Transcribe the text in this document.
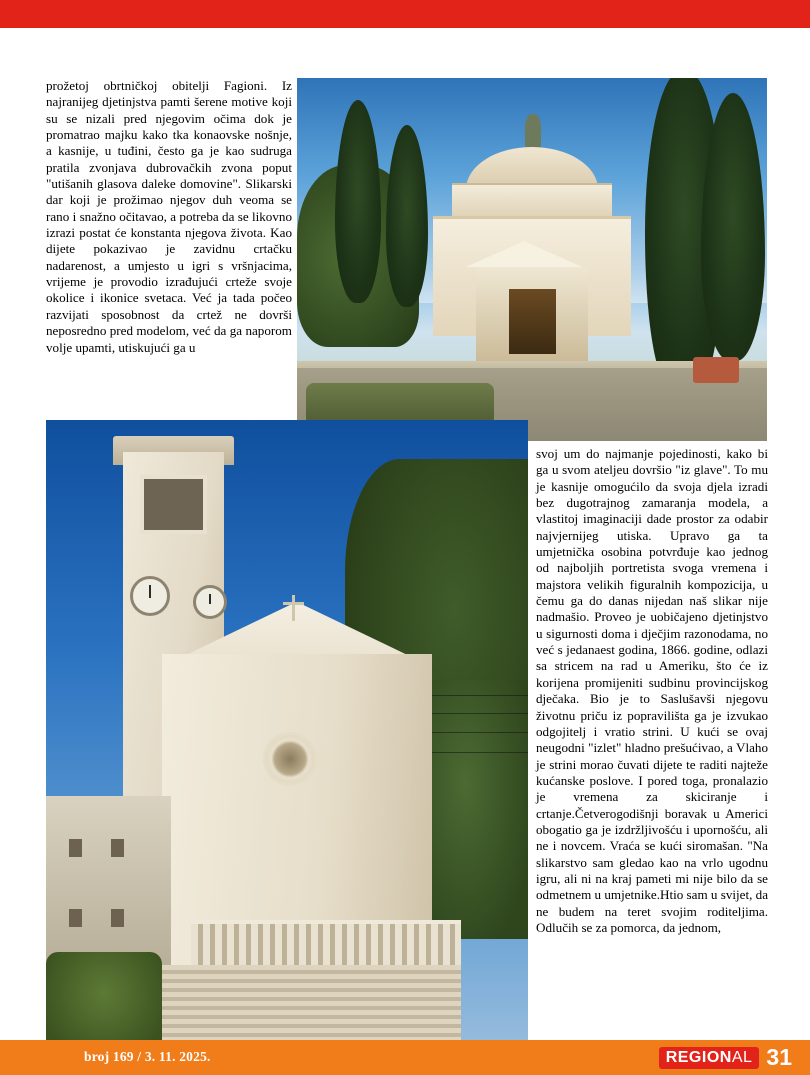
prožetoj obrtničkoj obitelji Fagioni. Iz najranijeg djetinjstva pamti šerene motive koji su se nizali pred njegovim očima dok je promatrao majku kako tka konaovske nošnje, a kasnije, u tuđini, često ga je kao sudruga pratila zvonjava dubrovačkih zvona poput "utišanih glasova daleke domovine". Slikarski dar koji je prožimao njegov duh veoma se rano i snažno očitavao, a potreba da se likovno izrazi postat će konstanta njegova života. Kao dijete pokazivao je zavidnu crtačku nadarenost, a umjesto u igri s vršnjacima, vrijeme je provodio izrađujući crteže svoje okolice i ikonice svetaca. Već ja tada počeo razvijati sposobnost da crtež ne dovrši neposredno pred modelom, već da ga naporom volje upamti, utiskujući ga u
svoj um do najmanje pojedinosti, kako bi ga u svom ateljeu dovršio "iz glave". To mu je kasnije omogućilo da svoja djela izradi bez dugotrajnog zamaranja modela, a vlastitoj imaginaciji dade prostor za odabir najvjernijeg utiska. Upravo ga ta umjetnička osobina potvrđuje kao jednog od najboljih portretista svoga vremena i majstora velikih figuralnih kompozicija, u čemu ga do danas nijedan naš slikar nije nadmašio. Proveo je uobičajeno djetinjstvo u sigurnosti doma i dječjim razonodama, no već s jedanaest godina, 1866. godine, odlazi sa stricem na rad u Ameriku, što će iz korijena promijeniti sudbinu provincijskog dječaka. Bio je to Saslušavši njegovu životnu priču iz popravilišta ga je izvukao odgojitelj i vratio strini. U kući se ovaj neugodni "izlet" hladno prešućivao, a Vlaho je strini morao čuvati dijete te raditi najteže kućanske poslove. I pored toga, pronalazio je vremena za skiciranje i crtanje.Četverogodišnji boravak u Americi obogatio ga je izdržljivošću i upornošću, ali ne i novcem. Vraća se kući siromašan. "Na slikarstvo sam gledao kao na vrlo ugodnu igru, ali ni na kraj pameti mi nije bilo da se odmetnem u umjetnike.Htio sam u svijet, da ne budem na teret svojim roditeljima. Odlučih se za pomorca, da jednom,
broj 169 / 3. 11. 2025.	REGIONAL 31
